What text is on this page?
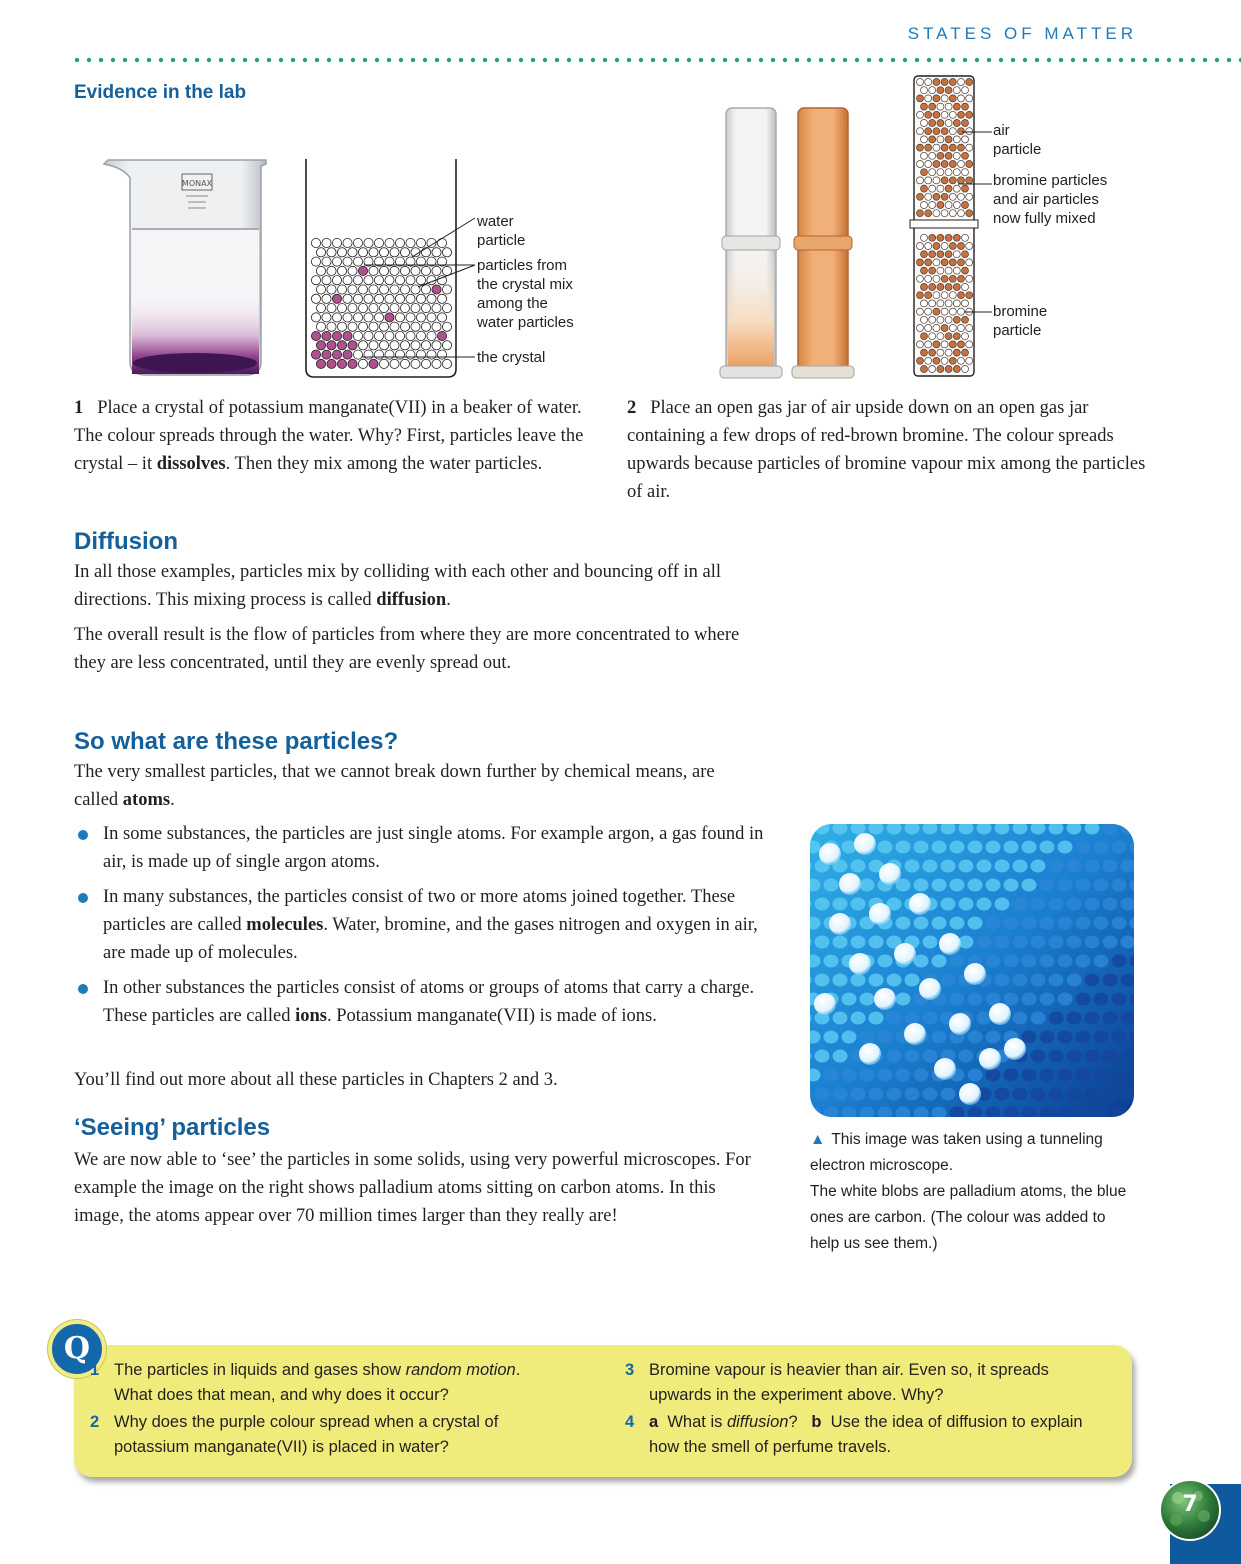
STATES OF MATTER
Evidence in the lab
MONAX
water
particle
particles from
the crystal mix
among the
water particles
the crystal
air
particle
bromine particles
and air particles
now fully mixed
bromine
particle

1 Place a crystal of potassium manganate(VII) in a beaker of water. The colour spreads through the water. Why? First, particles leave the crystal – it dissolves. Then they mix among the water particles.

2 Place an open gas jar of air upside down on an open gas jar containing a few drops of red-brown bromine. The colour spreads upwards because particles of bromine vapour mix among the particles of air.

Diffusion

In all those examples, particles mix by colliding with each other and bouncing off in all directions. This mixing process is called diffusion.

The overall result is the flow of particles from where they are more concentrated to where they are less concentrated, until they are evenly spread out.

So what are these particles?

The very smallest particles, that we cannot break down further by chemical means, are called atoms.

In some substances, the particles are just single atoms. For example argon, a gas found in air, is made up of single argon atoms.
In many substances, the particles consist of two or more atoms joined together. These particles are called molecules. Water, bromine, and the gases nitrogen and oxygen in air, are made up of molecules.
In other substances the particles consist of atoms or groups of atoms that carry a charge. These particles are called ions. Potassium manganate(VII) is made of ions.

You’ll find out more about all these particles in Chapters 2 and 3.

‘Seeing’ particles

We are now able to ‘see’ the particles in some solids, using very powerful microscopes. For example the image on the right shows palladium atoms sitting on carbon atoms. In this image, the atoms appear over 70 million times larger than they really are!

▲ This image was taken using a tunneling electron microscope.
The white blobs are palladium atoms, the blue ones are carbon. (The colour was added to help us see them.)
Q
1 The particles in liquids and gases show random motion. What does that mean, and why does it occur?
2 Why does the purple colour spread when a crystal of potassium manganate(VII) is placed in water?
3 Bromine vapour is heavier than air. Even so, it spreads upwards in the experiment above. Why?
4 a What is diffusion? b Use the idea of diffusion to explain how the smell of perfume travels.
7
